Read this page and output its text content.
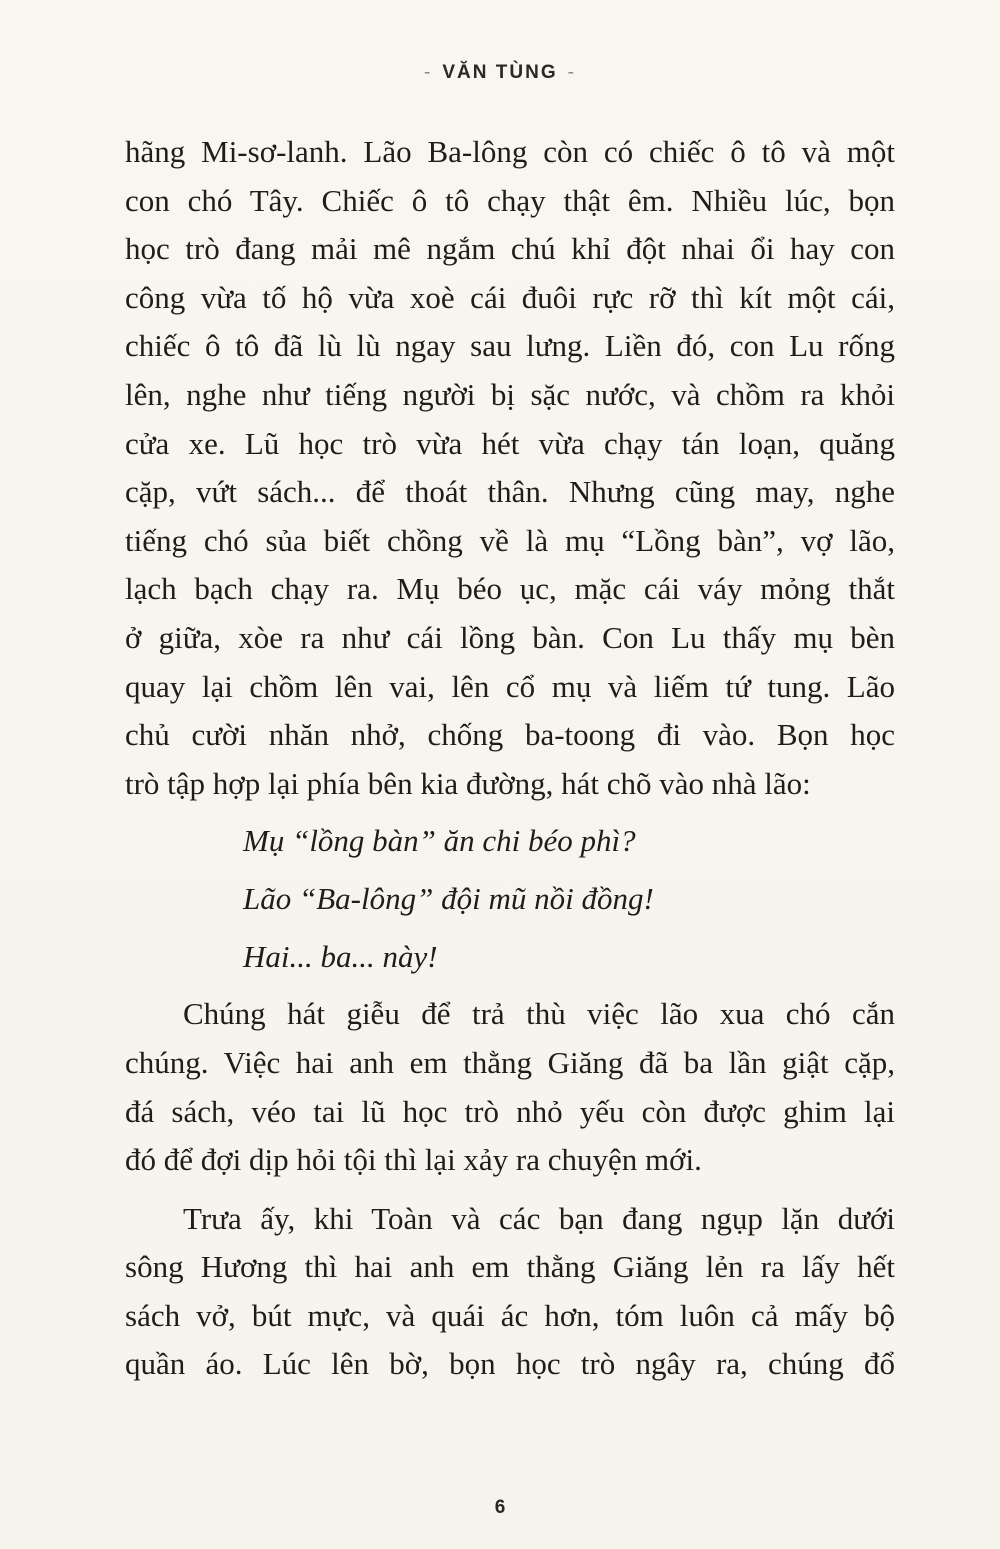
- VĂN TÙNG -
hãng Mi-sơ-lanh. Lão Ba-lông còn có chiếc ô tô và một
con chó Tây. Chiếc ô tô chạy thật êm. Nhiều lúc, bọn
học trò đang mải mê ngắm chú khỉ đột nhai ổi hay con
công vừa tố hộ vừa xoè cái đuôi rực rỡ thì kít một cái,
chiếc ô tô đã lù lù ngay sau lưng. Liền đó, con Lu rống
lên, nghe như tiếng người bị sặc nước, và chồm ra khỏi
cửa xe. Lũ học trò vừa hét vừa chạy tán loạn, quăng
cặp, vứt sách... để thoát thân. Nhưng cũng may, nghe
tiếng chó sủa biết chồng về là mụ “Lồng bàn”, vợ lão,
lạch bạch chạy ra. Mụ béo ục, mặc cái váy mỏng thắt
ở giữa, xòe ra như cái lồng bàn. Con Lu thấy mụ bèn
quay lại chồm lên vai, lên cổ mụ và liếm tứ tung. Lão
chủ cười nhăn nhở, chống ba-toong đi vào. Bọn học
trò tập hợp lại phía bên kia đường, hát chõ vào nhà lão:
Mụ “lồng bàn” ăn chi béo phì?
Lão “Ba-lông” đội mũ nồi đồng!
Hai... ba... này!
Chúng hát giễu để trả thù việc lão xua chó cắn
chúng. Việc hai anh em thằng Giăng đã ba lần giật cặp,
đá sách, véo tai lũ học trò nhỏ yếu còn được ghim lại
đó để đợi dịp hỏi tội thì lại xảy ra chuyện mới.
Trưa ấy, khi Toàn và các bạn đang ngụp lặn dưới
sông Hương thì hai anh em thằng Giăng lẻn ra lấy hết
sách vở, bút mực, và quái ác hơn, tóm luôn cả mấy bộ
quần áo. Lúc lên bờ, bọn học trò ngây ra, chúng đổ
6
